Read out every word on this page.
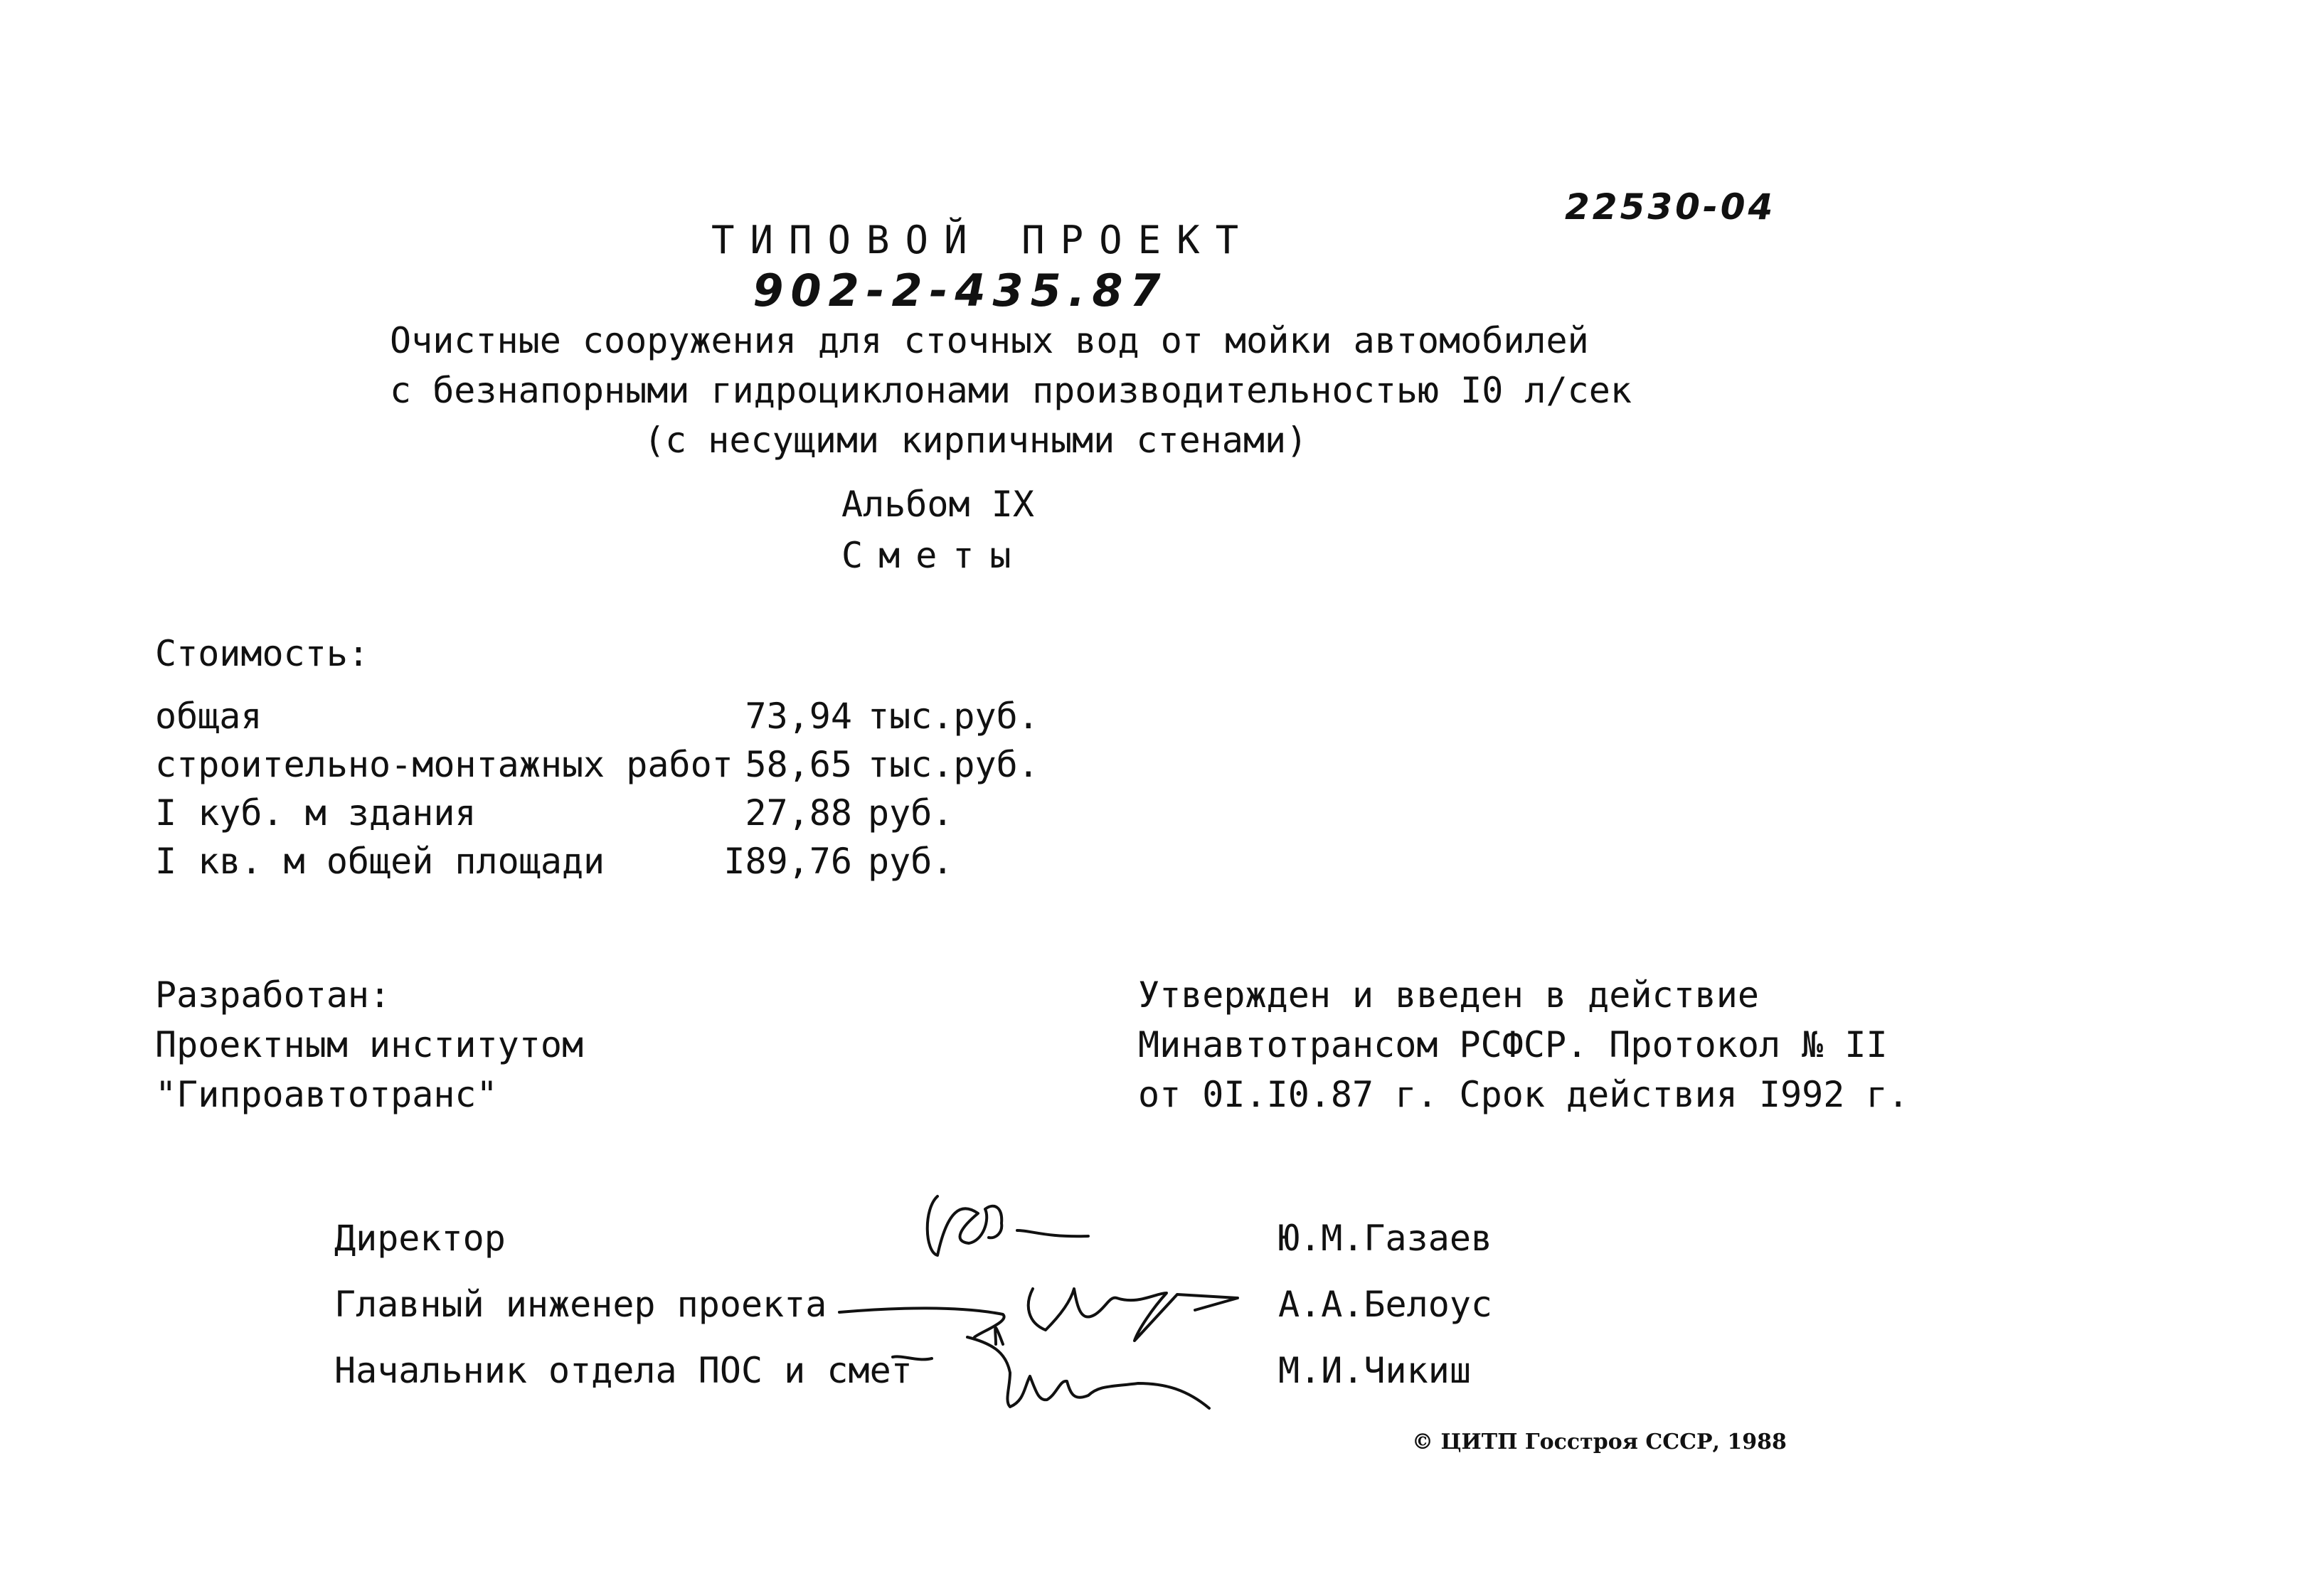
22530-04
ТИПОВОЙ ПРОЕКТ
902-2-435.87
Очистные сооружения для сточных вод от мойки автомобилей
с безнапорными гидроциклонами производительностью I0 л/сек
(с несущими кирпичными стенами)
Альбом IX
Сметы
Стоимость:
общая	73,94 тыс.руб.
строительно-монтажных работ 58,65 тыс.руб.
I куб. м здания	27,88 руб.
I кв. м общей площади	I89,76 руб.
Разработан:
Проектным институтом
"Гипроавтотранс"
Утвержден и введен в действие
Минавтотрансом РСФСР. Протокол № II
от 0I.I0.87 г. Срок действия I992 г.
Директор	Ю.М.Газаев
Главный инженер проекта	А.А.Белоус
Начальник отдела ПОС и смет	М.И.Чикиш
© ЦИТП Госстроя СССР, 1988
